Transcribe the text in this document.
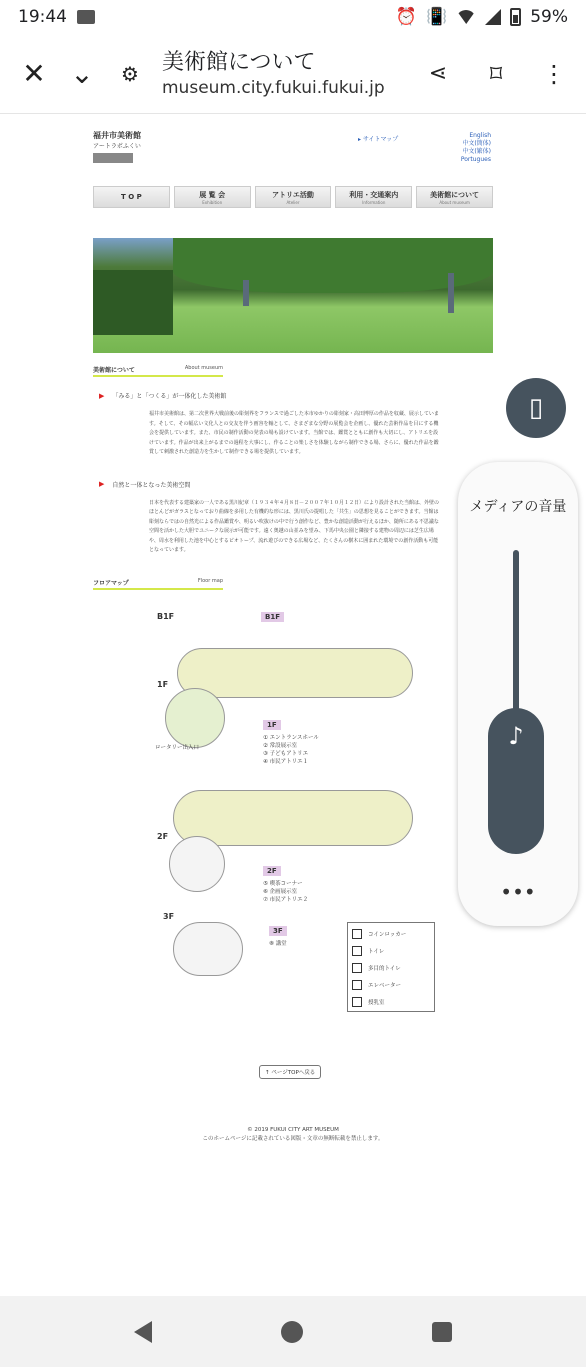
19:44	⏰ 📳	59%
✕ ⌄	⚙	美術館について
museum.city.fukui.fukui.jp
⋖	⌑	⋮
福井市美術館
アートラボふくい
▸ サイトマップ
English
中文(簡体)
中文(繁体)
Portugues
T O P	展 覧 会
Exhibition
アトリエ活動
Atelier
利用・交通案内
Information
美術館について
About museum
美術館について	About museum
▶ 「みる」と「つくる」が一体化した美術館
福井市美術館は、第二次世界大戦前後の彫刻界をフランスで過ごした本市ゆかりの彫刻家・高田博厚の作品を収蔵、展示しています。そして、その幅広い文化人との交友を伴う画容を軸として、さまざまな分野の展覧会を企画し、優れた芸術作品を目にする機会を提供しています。また、市民の制作活動の発表の場も設けています。当館では、鑑賞とともに創作も大切にし、アトリエを設けています。作品が出来上がるまでの過程を大事にし、作ることの楽しさを体験しながら制作できる場、さらに、優れた作品を鑑賞して刺激された創造力を生かして制作できる場を提供しています。
▶ 自然と一体となった美術空間
日本を代表する建築家の一人である黒川紀章（１９３４年４月８日－２００７年１０月１２日）により設計された当館は、外壁のほとんどがガラスとなっており曲線を多用した有機的な形には、黒川氏の提唱した「共生」の思想を見ることができます。当館は彫刻ならではの自然光による作品鑑賞や、明るい吹抜けの中で行う創作など、豊かな創造活動が行えるほか、随所にある不思議な空間を活かした大胆でユニークな展示が可能です。遠く奥越の山並みを望み、下馬中央公園と隣接する建物の周辺には芝生広場や、周水を利用した池を中心とするビオトープ、流れ遊びのできる広場など、たくさんの樹木に囲まれた環境での創作活動も可能となっています。
フロアマップ	Floor map
B1F	B1F
1F
ロータリー出入口
1F
① エントランスホール
② 常設展示室
③ 子どもアトリエ
④ 市民アトリエ１
2F
2F
⑤ 喫茶コーナー
⑥ 企画展示室
⑦ 市民アトリエ２
3F
3F
⑧ 講堂
コインロッカー
トイレ
多目的トイレ
エレベーター
授乳室
↑ ページTOPへ戻る
© 2019 FUKUI CITY ART MUSEUM
このホームページに記載されている図版・文章の無断転載を禁止します。
▯
メディアの音量
♪
•••
